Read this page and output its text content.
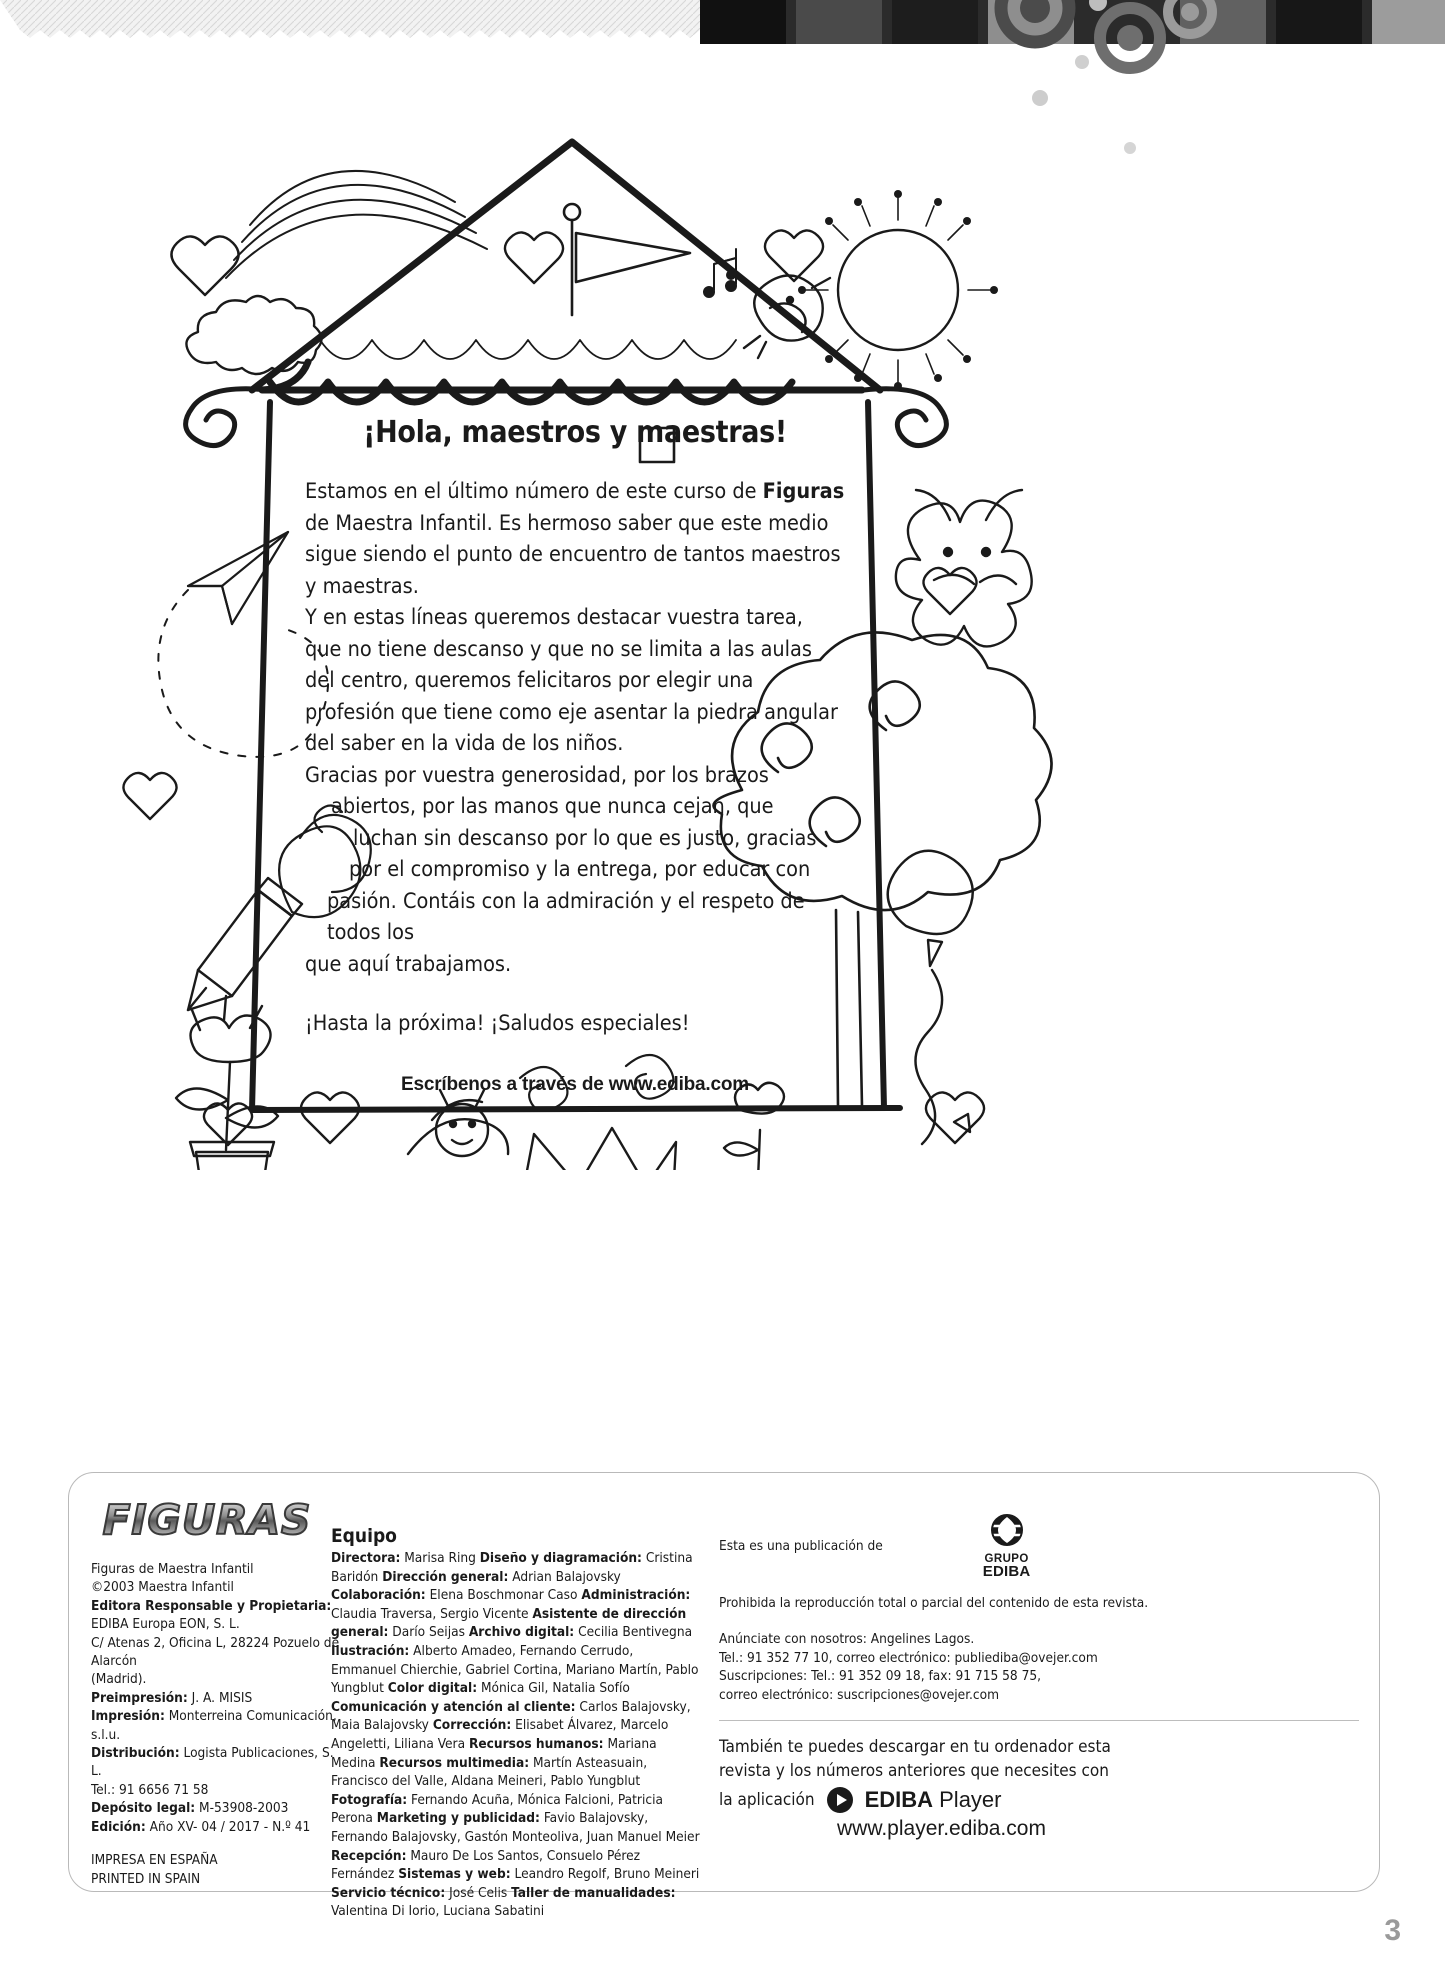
¡Hola, maestros y maestras!

Estamos en el último número de este curso de Figuras de Maestra Infantil. Es hermoso saber que este medio sigue siendo el punto de encuentro de tantos maestros y maestras.

Y en estas líneas queremos destacar vuestra tarea, que no tiene descanso y que no se limita a las aulas del centro, queremos felicitaros por elegir una profesión que tiene como eje asentar la piedra angular del saber en la vida de los niños.

Gracias por vuestra generosidad, por los brazos
abiertos, por las manos que nunca cejan, que
luchan sin descanso por lo que es justo, gracias
por el compromiso y la entrega, por educar con
pasión. Contáis con la admiración y el respeto de todos los
que aquí trabajamos.

¡Hasta la próxima! ¡Saludos especiales!

Escríbenos a través de www.ediba.com

FIGURAS
Figuras de Maestra Infantil
©2003 Maestra Infantil
Editora Responsable y Propietaria:
EDIBA Europa EON, S. L.
C/ Atenas 2, Oficina L, 28224 Pozuelo de Alarcón
(Madrid).
Preimpresión: J. A. MISIS
Impresión: Monterreina Comunicación, s.l.u.
Distribución: Logista Publicaciones, S. L.
Tel.: 91 6656 71 58
Depósito legal: M-53908-2003
Edición: Año XV- 04 / 2017 - N.º 41
IMPRESA EN ESPAÑA
PRINTED IN SPAIN
Equipo
Directora: Marisa Ring Diseño y diagramación: Cristina Baridón Dirección general: Adrian Balajovsky Colaboración: Elena Boschmonar Caso Administración: Claudia Traversa, Sergio Vicente Asistente de dirección general: Darío Seijas Archivo digital: Cecilia Bentivegna Ilustración: Alberto Amadeo, Fernando Cerrudo, Emmanuel Chierchie, Gabriel Cortina, Mariano Martín, Pablo Yungblut Color digital: Mónica Gil, Natalia Sofío Comunicación y atención al cliente: Carlos Balajovsky, Maia Balajovsky Corrección: Elisabet Álvarez, Marcelo Angeletti, Liliana Vera Recursos humanos: Mariana Medina Recursos multimedia: Martín Asteasuain, Francisco del Valle, Aldana Meineri, Pablo Yungblut Fotografía: Fernando Acuña, Mónica Falcioni, Patricia Perona Marketing y publicidad: Favio Balajovsky, Fernando Balajovsky, Gastón Monteoliva, Juan Manuel Meier Recepción: Mauro De Los Santos, Consuelo Pérez Fernández Sistemas y web: Leandro Regolf, Bruno Meineri Servicio técnico: José Celis Taller de manualidades: Valentina Di Iorio, Luciana Sabatini
Esta es una publicación de
GRUPO
EDIBA
Prohibida la reproducción total o parcial del contenido de esta revista.
Anúnciate con nosotros: Angelines Lagos.
Tel.: 91 352 77 10, correo electrónico: publiediba@ovejer.com
Suscripciones: Tel.: 91 352 09 18, fax: 91 715 58 75,
correo electrónico: suscripciones@ovejer.com
También te puedes descargar en tu ordenador esta
revista y los números anteriores que necesites con
la aplicación EDIBA Player
www.player.ediba.com
3
